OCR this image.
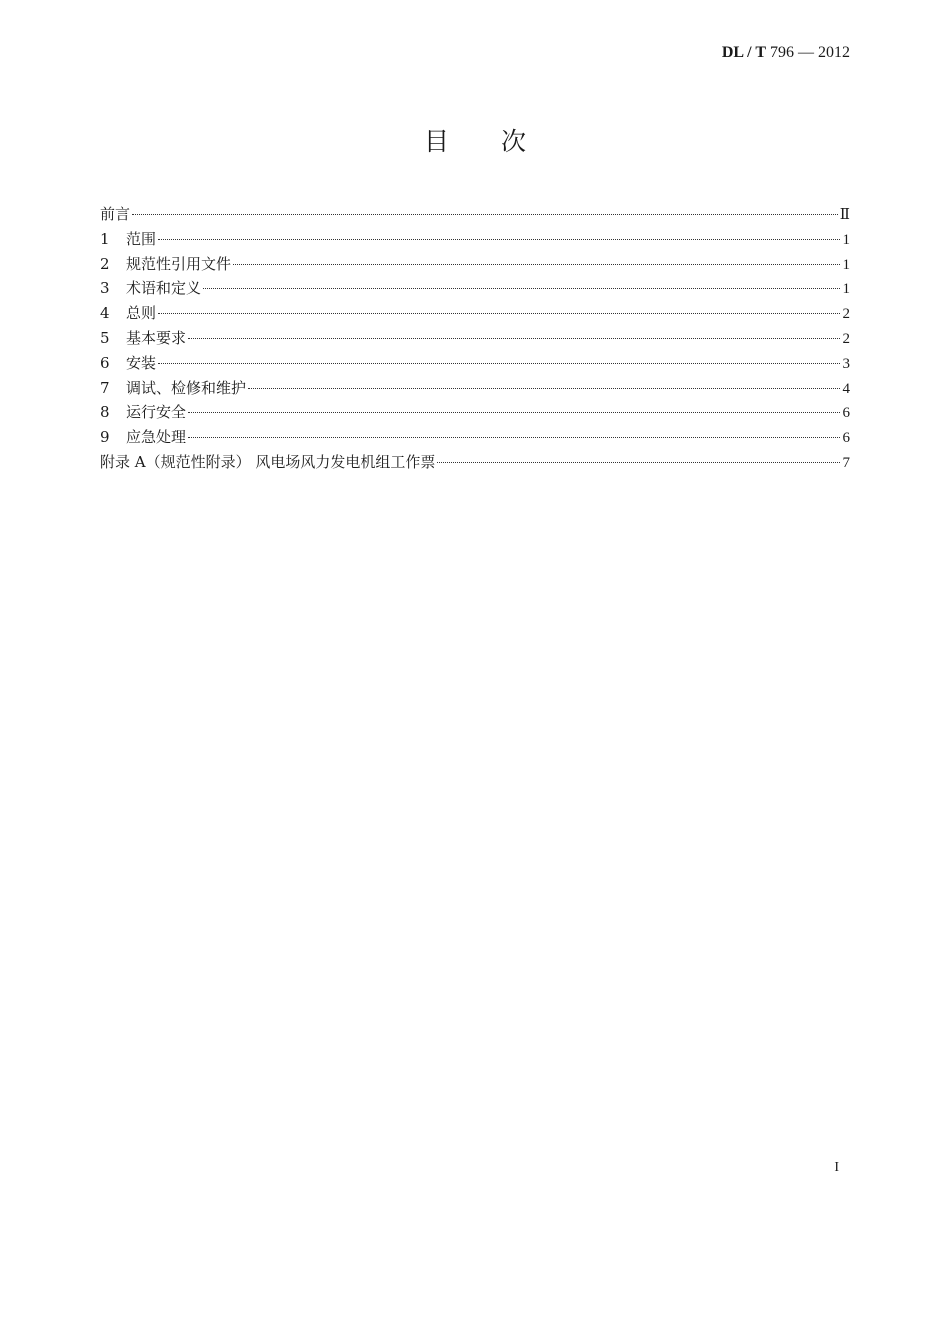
DL / T 796 — 2012
目次
前言	Ⅱ
1	范围	1
2	规范性引用文件	1
3	术语和定义	1
4	总则	2
5	基本要求	2
6	安装	3
7	调试、检修和维护	4
8	运行安全	6
9	应急处理	6
附录 A（规范性附录） 风电场风力发电机组工作票	7
I
